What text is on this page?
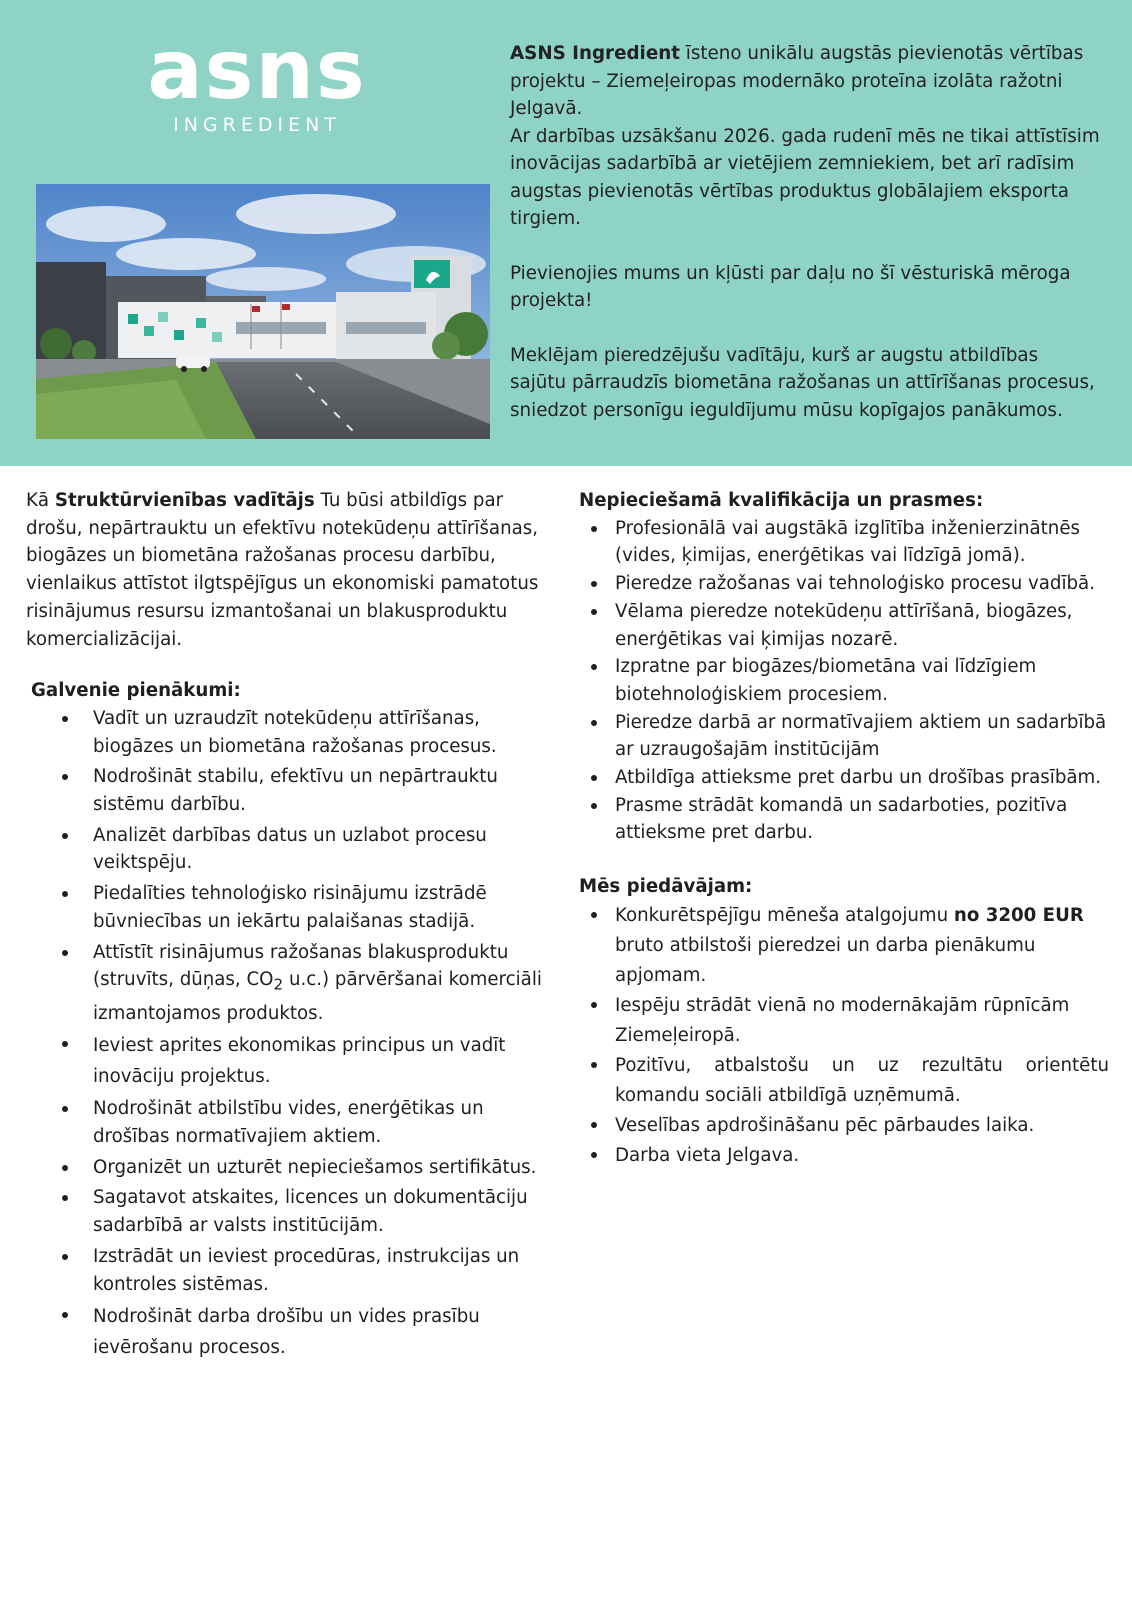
asns
INGREDIENT

ASNS Ingredient īsteno unikālu augstās pievienotās vērtības projektu – Ziemeļeiropas modernāko proteīna izolāta ražotni Jelgavā.

Ar darbības uzsākšanu 2026. gada rudenī mēs ne tikai attīstīsim inovācijas sadarbībā ar vietējiem zemniekiem, bet arī radīsim augstas pievienotās vērtības produktus globālajiem eksporta tirgiem.

Pievienojies mums un kļūsti par daļu no šī vēsturiskā mēroga projekta!

Meklējam pieredzējušu vadītāju, kurš ar augstu atbildības sajūtu pārraudzīs biometāna ražošanas un attīrīšanas procesus, sniedzot personīgu ieguldījumu mūsu kopīgajos panākumos.

Kā Struktūrvienības vadītājs Tu būsi atbildīgs par drošu, nepārtrauktu un efektīvu notekūdeņu attīrīšanas, biogāzes un biometāna ražošanas procesu darbību, vienlaikus attīstot ilgtspējīgus un ekonomiski pamatotus risinājumus resursu izmantošanai un blakusproduktu komercializācijai.

Galvenie pienākumi:

Vadīt un uzraudzīt notekūdeņu attīrīšanas, biogāzes un biometāna ražošanas procesus.
Nodrošināt stabilu, efektīvu un nepārtrauktu sistēmu darbību.
Analizēt darbības datus un uzlabot procesu veiktspēju.
Piedalīties tehnoloģisko risinājumu izstrādē būvniecības un iekārtu palaišanas stadijā.
Attīstīt risinājumus ražošanas blakusproduktu (struvīts, dūņas, $CO_2$ u.c.) pārvēršanai komerciāli izmantojamos produktos.
Ieviest aprites ekonomikas principus un vadīt inovāciju projektus.
Nodrošināt atbilstību vides, enerģētikas un drošības normatīvajiem aktiem.
Organizēt un uzturēt nepieciešamos sertifikātus.
Sagatavot atskaites, licences un dokumentāciju sadarbībā ar valsts institūcijām.
Izstrādāt un ieviest procedūras, instrukcijas un kontroles sistēmas.
Nodrošināt darba drošību un vides prasību ievērošanu procesos.

Nepieciešamā kvalifikācija un prasmes:

Profesionālā vai augstākā izglītība inženierzinātnēs (vides, ķimijas, enerģētikas vai līdzīgā jomā).
Pieredze ražošanas vai tehnoloģisko procesu vadībā.
Vēlama pieredze notekūdeņu attīrīšanā, biogāzes, enerģētikas vai ķimijas nozarē.
Izpratne par biogāzes/biometāna vai līdzīgiem biotehnoloģiskiem procesiem.
Pieredze darbā ar normatīvajiem aktiem un sadarbībā ar uzraugošajām institūcijām
Atbildīga attieksme pret darbu un drošības prasībām.
Prasme strādāt komandā un sadarboties, pozitīva attieksme pret darbu.

Mēs piedāvājam:

Konkurētspējīgu mēneša atalgojumu no 3200 EUR bruto atbilstoši pieredzei un darba pienākumu apjomam.
Iespēju strādāt vienā no modernākajām rūpnīcām Ziemeļeiropā.
Pozitīvu, atbalstošu un uz rezultātu orientētu komandu sociāli atbildīgā uzņēmumā.
Veselības apdrošināšanu pēc pārbaudes laika.
Darba vieta Jelgava.
